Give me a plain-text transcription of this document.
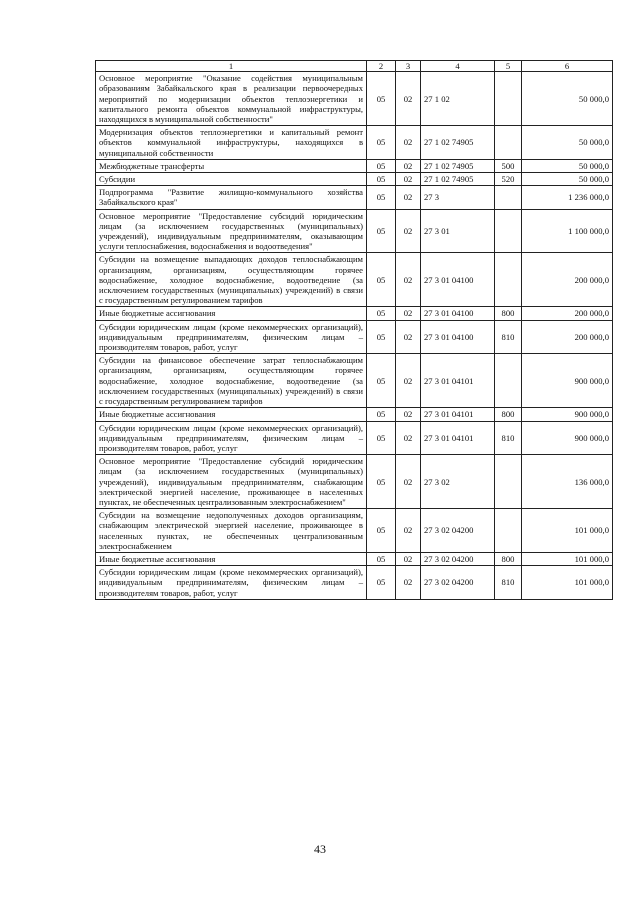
1	2	3	4	5	6
Основное мероприятие "Оказание содействия муниципальным образованиям Забайкальского края в реализации первоочередных мероприятий по модернизации объектов теплоэнергетики и капитального ремонта объектов коммунальной инфраструктуры, находящихся в муниципальной собственности"	05	02	27 1 02		50 000,0
Модернизация объектов теплоэнергетики и капитальный ремонт объектов коммунальной инфраструктуры, находящихся в муниципальной собственности	05	02	27 1 02 74905		50 000,0
Межбюджетные трансферты	05	02	27 1 02 74905	500	50 000,0
Субсидии	05	02	27 1 02 74905	520	50 000,0
Подпрограмма "Развитие жилищно-коммунального хозяйства Забайкальского края"	05	02	27 3		1 236 000,0
Основное мероприятие "Предоставление субсидий юридическим лицам (за исключением государственных (муниципальных) учреждений), индивидуальным предпринимателям, оказывающим услуги теплоснабжения, водоснабжения и водоотведения"	05	02	27 3 01		1 100 000,0
Субсидии на возмещение выпадающих доходов теплоснабжающим организациям, организациям, осуществляющим горячее водоснабжение, холодное водоснабжение, водоотведение (за исключением государственных (муниципальных) учреждений) в связи с государственным регулированием тарифов	05	02	27 3 01 04100		200 000,0
Иные бюджетные ассигнования	05	02	27 3 01 04100	800	200 000,0
Субсидии юридическим лицам (кроме некоммерческих организаций), индивидуальным предпринимателям, физическим лицам – производителям товаров, работ, услуг	05	02	27 3 01 04100	810	200 000,0
Субсидии на финансовое обеспечение затрат теплоснабжающим организациям, организациям, осуществляющим горячее водоснабжение, холодное водоснабжение, водоотведение (за исключением государственных (муниципальных) учреждений) в связи с государственным регулированием тарифов	05	02	27 3 01 04101		900 000,0
Иные бюджетные ассигнования	05	02	27 3 01 04101	800	900 000,0
Субсидии юридическим лицам (кроме некоммерческих организаций), индивидуальным предпринимателям, физическим лицам – производителям товаров, работ, услуг	05	02	27 3 01 04101	810	900 000,0
Основное мероприятие "Предоставление субсидий юридическим лицам (за исключением государственных (муниципальных) учреждений), индивидуальным предпринимателям, снабжающим электрической энергией население, проживающее в населенных пунктах, не обеспеченных централизованным электроснабжением"	05	02	27 3 02		136 000,0
Субсидии на возмещение недополученных доходов организациям, снабжающим электрической энергией население, проживающее в населенных пунктах, не обеспеченных централизованным электроснабжением	05	02	27 3 02 04200		101 000,0
Иные бюджетные ассигнования	05	02	27 3 02 04200	800	101 000,0
Субсидии юридическим лицам (кроме некоммерческих организаций), индивидуальным предпринимателям, физическим лицам – производителям товаров, работ, услуг	05	02	27 3 02 04200	810	101 000,0
43
